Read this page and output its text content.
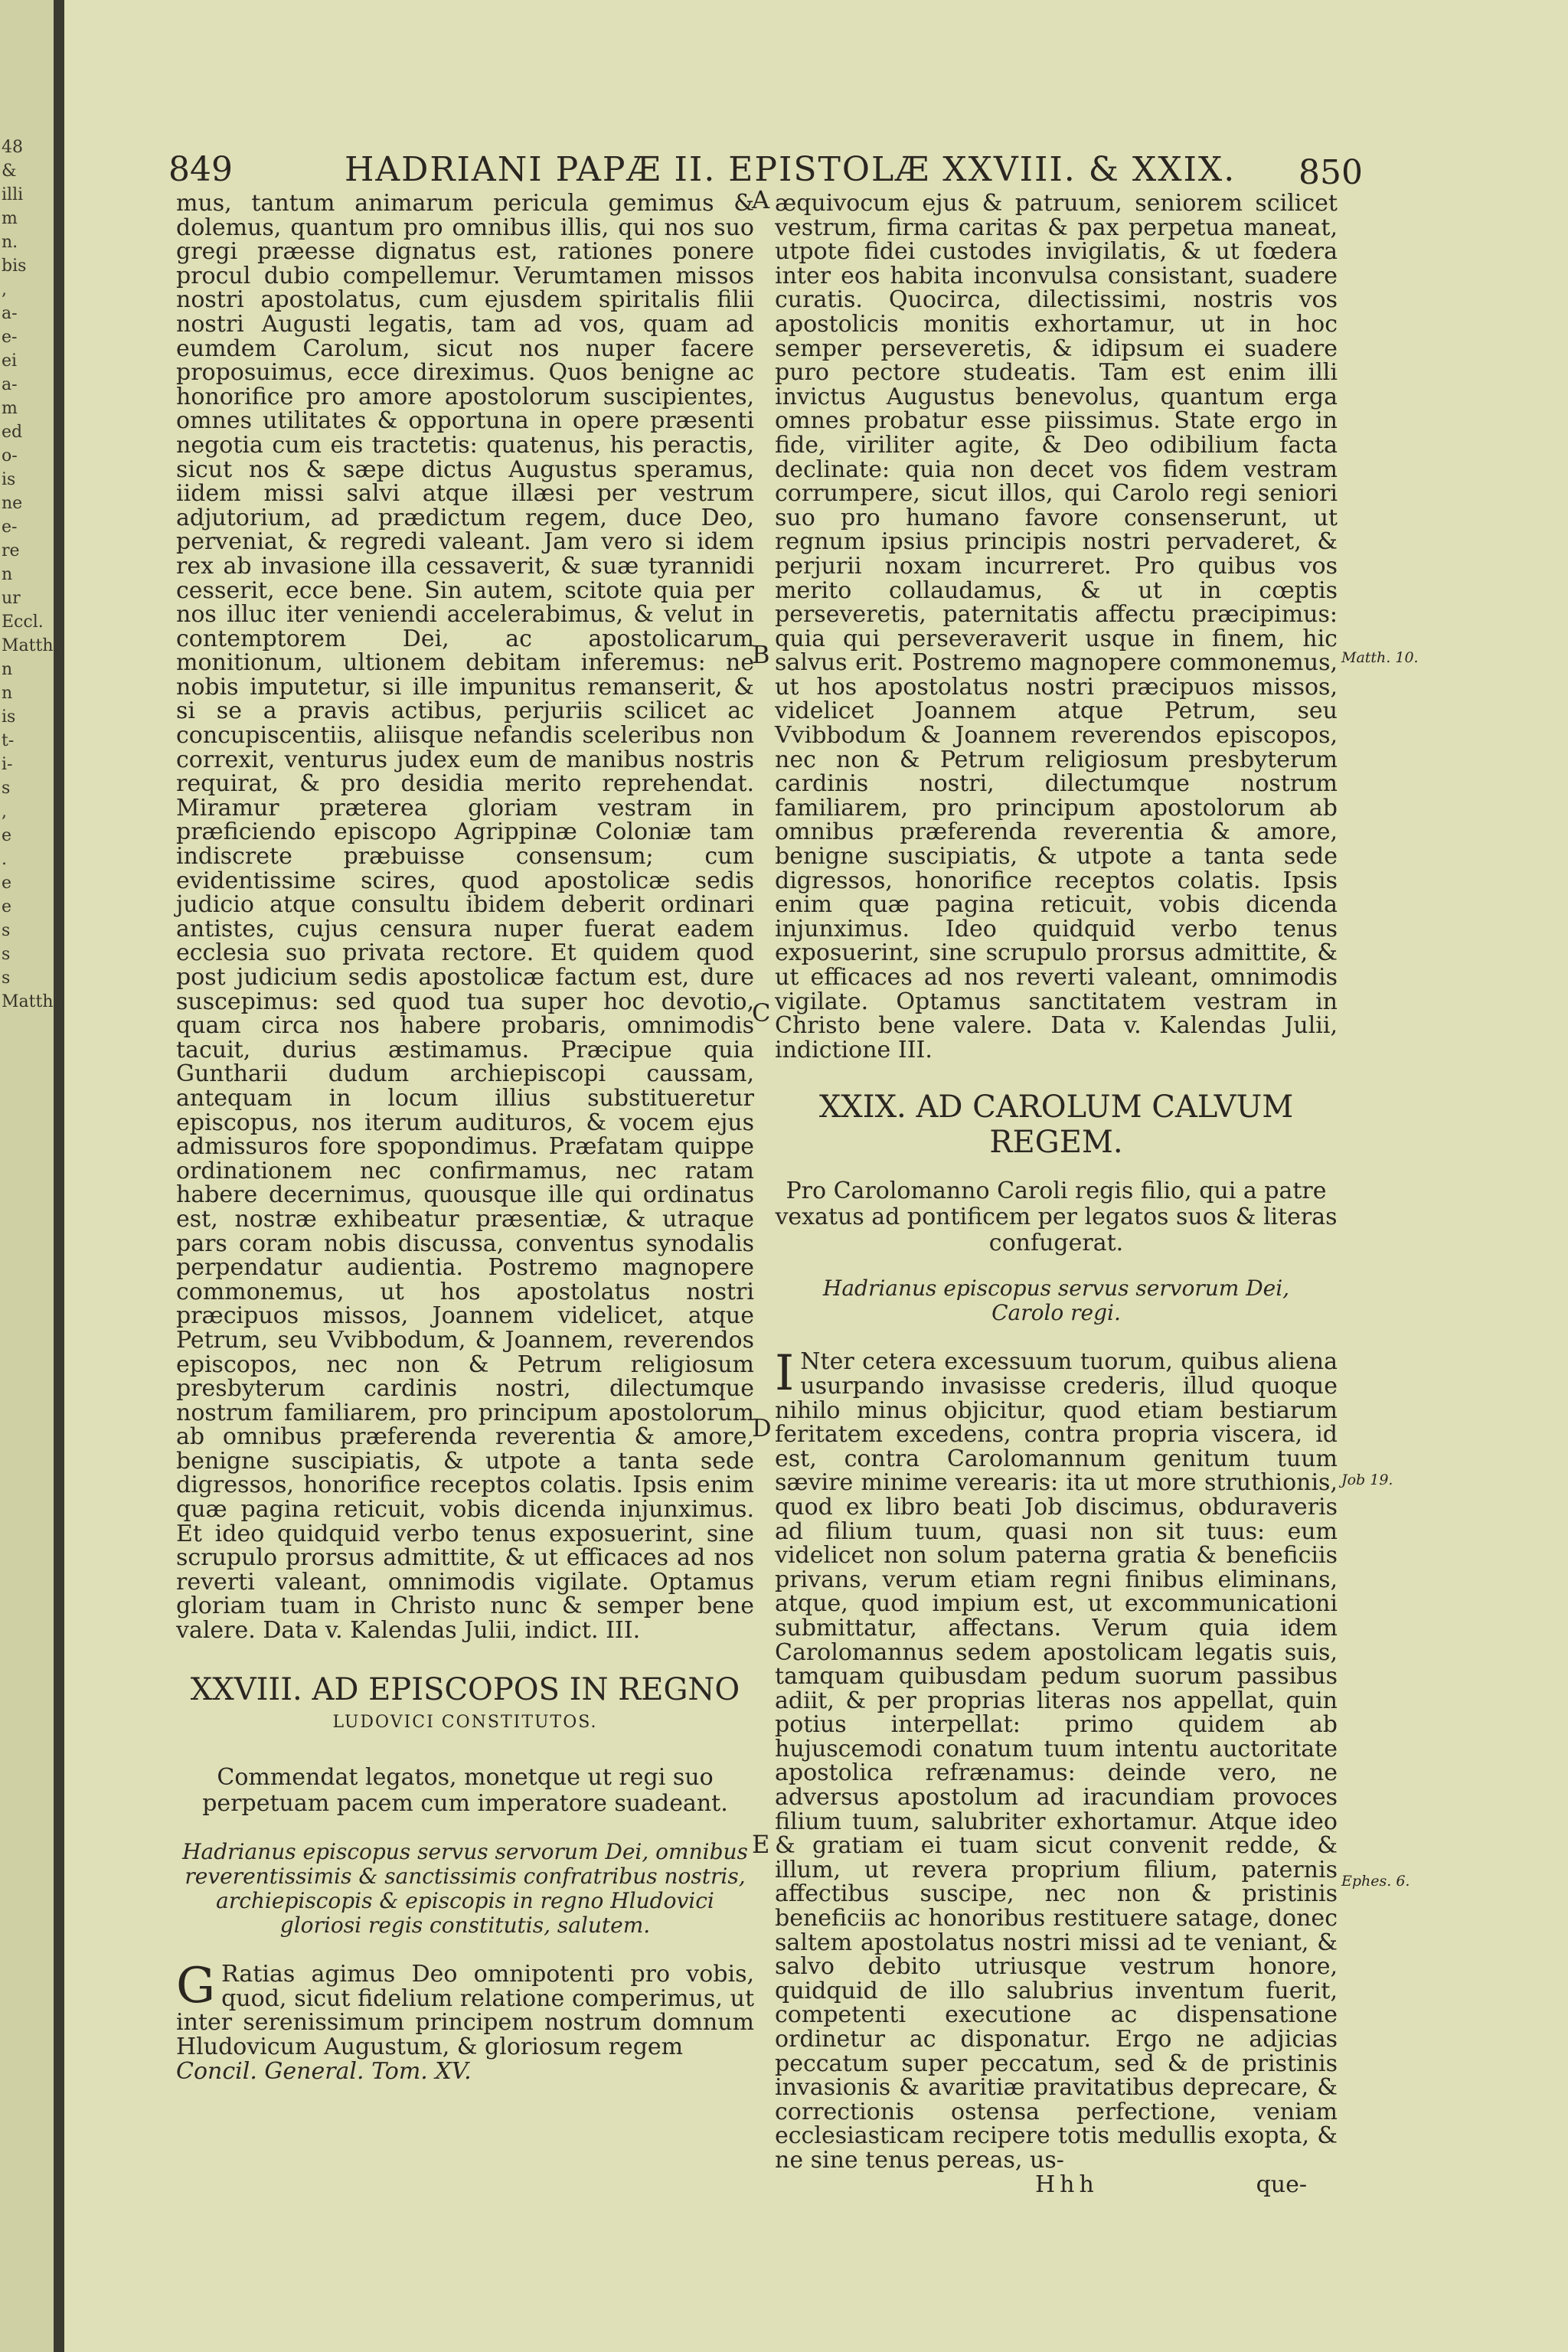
48
&
illi
m
n.
bis
,
a-
e-
ei
a-
m
ed
o-
is
ne
e-
re
n
ur
Eccl.
Matth.
n
n
is
t-
i-
s
,
e
.
e
e
s
s
s
Matth.
849	HADRIANI PAPÆ II. EPISTOLÆ XXVIII. & XXIX. 850

mus, tantum animarum pericula gemimus & dolemus, quantum pro omnibus illis, qui nos suo gregi præesse dignatus est, rationes ponere procul dubio compellemur. Verumtamen missos nostri apostolatus, cum ejusdem spiritalis filii nostri Augusti legatis, tam ad vos, quam ad eumdem Carolum, sicut nos nuper facere proposuimus, ecce direximus. Quos benigne ac honorifice pro amore apostolorum suscipientes, omnes utilitates & opportuna in opere præsenti negotia cum eis tractetis: quatenus, his peractis, sicut nos & sæpe dictus Augustus speramus, iidem missi salvi atque illæsi per vestrum adjutorium, ad prædictum regem, duce Deo, perveniat, & regredi valeant. Jam vero si idem rex ab invasione illa cessaverit, & suæ tyrannidi cesserit, ecce bene. Sin autem, scitote quia per nos illuc iter veniendi accelerabimus, & velut in contemptorem Dei, ac apostolicarum monitionum, ultionem debitam inferemus: ne nobis imputetur, si ille impunitus remanserit, & si se a pravis actibus, perjuriis scilicet ac concupiscentiis, aliisque nefandis sceleribus non correxit, venturus judex eum de manibus nostris requirat, & pro desidia merito reprehendat. Miramur præterea gloriam vestram in præficiendo episcopo Agrippinæ Coloniæ tam indiscrete præbuisse consensum; cum evidentissime scires, quod apostolicæ sedis judicio atque consultu ibidem deberit ordinari antistes, cujus censura nuper fuerat eadem ecclesia suo privata rectore. Et quidem quod post judicium sedis apostolicæ factum est, dure suscepimus: sed quod tua super hoc devotio, quam circa nos habere probaris, omnimodis tacuit, durius æstimamus. Præcipue quia Guntharii dudum archiepiscopi caussam, antequam in locum illius substitueretur episcopus, nos iterum audituros, & vocem ejus admissuros fore spopondimus. Præfatam quippe ordinationem nec confirmamus, nec ratam habere decernimus, quousque ille qui ordinatus est, nostræ exhibeatur præsentiæ, & utraque pars coram nobis discussa, conventus synodalis perpendatur audientia. Postremo magnopere commonemus, ut hos apostolatus nostri præcipuos missos, Joannem videlicet, atque Petrum, seu Vvibbodum, & Joannem, reverendos episcopos, nec non & Petrum religiosum presbyterum cardinis nostri, dilectumque nostrum familiarem, pro principum apostolorum ab omnibus præferenda reverentia & amore, benigne suscipiatis, & utpote a tanta sede digressos, honorifice receptos colatis. Ipsis enim quæ pagina reticuit, vobis dicenda injunximus. Et ideo quidquid verbo tenus exposuerint, sine scrupulo prorsus admittite, & ut efficaces ad nos reverti valeant, omnimodis vigilate. Optamus gloriam tuam in Christo nunc & semper bene valere. Data v. Kalendas Julii, indict. III.

XXVIII. AD EPISCOPOS IN REGNO

LUDOVICI CONSTITUTOS.

Commendat legatos, monetque ut regi suo perpetuam pacem cum imperatore suadeant.

Hadrianus episcopus servus servorum Dei, omnibus reverentissimis & sanctissimis confratribus nostris, archiepiscopis & episcopis in regno Hludovici gloriosi regis constitutis, salutem.

G Ratias agimus Deo omnipotenti pro vobis, quod, sicut fidelium relatione comperimus, ut inter serenissimum principem nostrum domnum Hludovicum Augustum, & gloriosum regem

Concil. General. Tom. XV.

æquivocum ejus & patruum, seniorem scilicet vestrum, firma caritas & pax perpetua maneat, utpote fidei custodes invigilatis, & ut fœdera inter eos habita inconvulsa consistant, suadere curatis. Quocirca, dilectissimi, nostris vos apostolicis monitis exhortamur, ut in hoc semper perseveretis, & idipsum ei suadere puro pectore studeatis. Tam est enim illi invictus Augustus benevolus, quantum erga omnes probatur esse piissimus. State ergo in fide, viriliter agite, & Deo odibilium facta declinate: quia non decet vos fidem vestram corrumpere, sicut illos, qui Carolo regi seniori suo pro humano favore consenserunt, ut regnum ipsius principis nostri pervaderet, & perjurii noxam incurreret. Pro quibus vos merito collaudamus, & ut in cœptis perseveretis, paternitatis affectu præcipimus: quia qui perseveraverit usque in finem, hic salvus erit. Postremo magnopere commonemus, ut hos apostolatus nostri præcipuos missos, videlicet Joannem atque Petrum, seu Vvibbodum & Joannem reverendos episcopos, nec non & Petrum religiosum presbyterum cardinis nostri, dilectumque nostrum familiarem, pro principum apostolorum ab omnibus præferenda reverentia & amore, benigne suscipiatis, & utpote a tanta sede digressos, honorifice receptos colatis. Ipsis enim quæ pagina reticuit, vobis dicenda injunximus. Ideo quidquid verbo tenus exposuerint, sine scrupulo prorsus admittite, & ut efficaces ad nos reverti valeant, omnimodis vigilate. Optamus sanctitatem vestram in Christo bene valere. Data v. Kalendas Julii, indictione III.

XXIX. AD CAROLUM CALVUM REGEM.

Pro Carolomanno Caroli regis filio, qui a patre vexatus ad pontificem per legatos suos & literas confugerat.

Hadrianus episcopus servus servorum Dei,

Carolo regi.

I Nter cetera excessuum tuorum, quibus aliena usurpando invasisse crederis, illud quoque nihilo minus objicitur, quod etiam bestiarum feritatem excedens, contra propria viscera, id est, contra Carolomannum genitum tuum sævire minime verearis: ita ut more struthionis, quod ex libro beati Job discimus, obduraveris ad filium tuum, quasi non sit tuus: eum videlicet non solum paterna gratia & beneficiis privans, verum etiam regni finibus eliminans, atque, quod impium est, ut excommunicationi submittatur, affectans. Verum quia idem Carolomannus sedem apostolicam legatis suis, tamquam quibusdam pedum suorum passibus adiit, & per proprias literas nos appellat, quin potius interpellat: primo quidem ab hujuscemodi conatum tuum intentu auctoritate apostolica refrænamus: deinde vero, ne adversus apostolum ad iracundiam provoces filium tuum, salubriter exhortamur. Atque ideo & gratiam ei tuam sicut convenit redde, & illum, ut revera proprium filium, paternis affectibus suscipe, nec non & pristinis beneficiis ac honoribus restituere satage, donec saltem apostolatus nostri missi ad te veniant, & salvo debito utriusque vestrum honore, quidquid de illo salubrius inventum fuerit, competenti executione ac dispensatione ordinetur ac disponatur. Ergo ne adjicias peccatum super peccatum, sed & de pristinis invasionis & avaritiæ pravitatibus deprecare, & correctionis ostensa perfectione, veniam ecclesiasticam recipere totis medullis exopta, & ne sine tenus pereas, us-

Hhh	que-

A
B
C
D
E
Matth. 10.
Job 19.
Ephes. 6.
